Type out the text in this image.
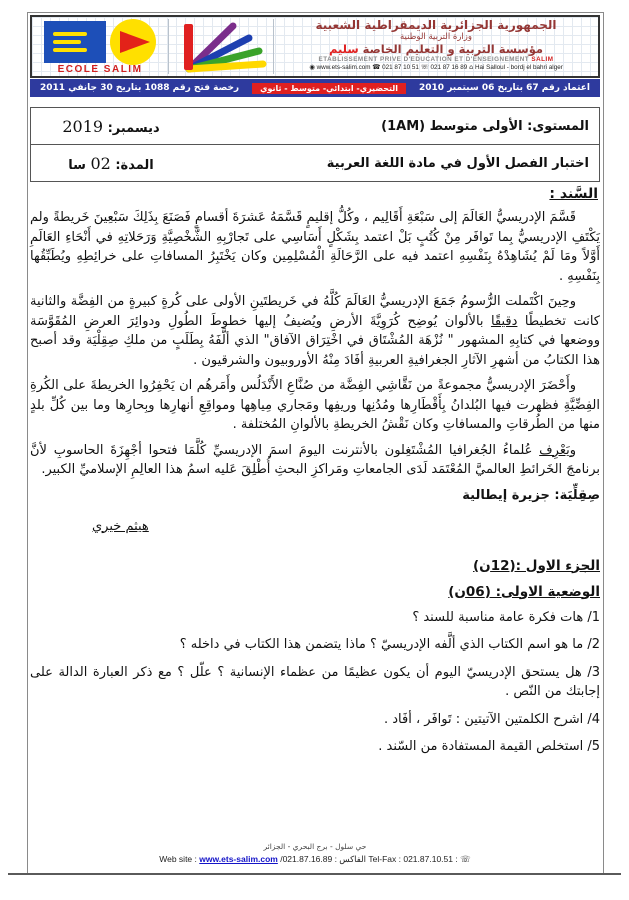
ECOLE SALIM
الجمهورية الجزائرية الديمقراطية الشعبية
وزارة التربية الوطنية
مؤسسة التربية و التعليم الخاصة سليم
ETABLISSEMENT PRIVE D'EDUCATION ET D'ENSEIGNEMENT SALIM
◉ www.ets-salim.com ☎ 021 87 10 51 ☏ 021 87 16 89 ⌂ Hai Salloul - bordj el bahri alger
اعتماد رقم 67 بتاريخ 06 سبتمبر 2010
التحضيري- ابتدائي- متوسط - ثانوي
رخصة فتح رقم 1088 بتاريخ 30 جانفي 2011
المستوى: الأولى متوسط (1AM)
ديسمبر: 2019
اختبار الفصل الأول في مادة اللغة العربية
المدة: 02 سا
السَّند :

قَسَّمَ الإدريسيُّ العَالَمَ إلى سَبْعَةِ أَقَالِيم ، وكُلُّ إقليمٍ قَسَّمَهُ عَشرَةَ أقسامٍ فَصَنَعَ بِذَلِكَ سَبْعِينَ خَريطةً ولم يَكْتَفِ الإدريسيُّ بِما تَوافَر مِنْ كُتُبٍ بَلْ اعتمد بِشَكْلٍ أَسَاسِي على تَجارْبِهِ الشَّخْصِيَّةِ وَرَحَلاتِهِ في أَنْحَاءِ العَالَمِ أَوَّلاً ومَا لَمْ يُشَاهِدْهُ بِنَفْسِهِ اعتمد فيه على الرَّحَالَةِ الْمُسْلِمِين وكان يَخْتَبِرُ المسافاتِ على خرائِطِهِ ويُطَبِّقُها بِنَفْسِهِ .

وحِينَ اكْتَملت الرُّسومُ جَمَعَ الإدريسيُّ العَالَمَ كُلَّهُ في خَريطتَينِ الأولى على كُرةٍ كبيرةٍ من الفِضَّة والثانية كانت تخطيطًا دقيقًا بالألوان يُوضِح كُرَوِيَّةَ الأرضِ ويُضيفُ إليها خطوطَ الطُولِ ودوائِرَ العرضِ المُقَوَّسَة ووضعها في كتابِهِ المشهور " نُزْهَة المُشْتَاق في اخْتِرَاق الآفاق" الذي ألَّفَهُ بِطَلَبٍ من ملكِ صِقِلْيَة وقد أصبح هذا الكتابُ من أشهرِ الآثارِ الجغرافيةِ العربيةِ أفَادَ مِنْهُ الأوروبيون والشرقيون .

وأَحْضَرَ الإدريسيُّ مجموعةً من نَقَّاشِي الفِضَّة من صُنَّاعِ الأَنْدَلُس وأَمَرهُم ان يَحْفِرُوا الخريطةَ على الكُرةِ الفِضِّيَّةِ فظهرت فيها البُلدانُ بِأَقْطَارِها ومُدُنِها وريفِها ومَجاري مِياهِها ومواقِعِ أنهارِها وبِحارِها وما بين كُلِّ بلدٍ منها من الطُرقاتِ والمسافاتِ وكان نَقْشُ الخريطةِ بالألوانِ المُختلفة .

ويَعْرِف عُلماءُ الجُغرافيا المُشْتَغِلون بالأنترنت اليومَ اسمَ الإدريسيِّ كُلَّمَا فتحوا أجْهِزَةَ الحاسوبِ لأنَّ برنامجَ الخَرائطِ العالميَّ المُعْتَمَد لَدَى الجامعاتِ ومَراكزِ البحثِ أُطْلِقَ عَليه اسمُ هذا العالِمِ الإسلاميِّ الكبير.

صِقِلِّيَة: جزيرة إيطالية
هيثم خيري
الجزء الاول :(12ن)
الوضعية الاولى: (06ن)

1/ هات فكرة عامة مناسبة للسند ؟

2/ ما هو اسم الكتاب الذي ألَّفه الإدريسيّ ؟ ماذا يتضمن هذا الكتاب في داخله ؟

3/ هل يستحق الإدريسيّ اليوم أن يكون عظيمًا من عظماء الإنسانية ؟ علّل ؟ مع ذكر العبارة الدالة على إجابتك من النّص .

4/ اشرح الكلمتين الآتيتين : تَوافَر ، أفَاد .

5/ استخلص القيمة المستفادة من السّند .

حي سلول - برج البحري - الجزائر
Web site : www.ets-salim.com /021.87.16.89 : الفاكس Tel-Fax : 021.87.10.51 : ☏
